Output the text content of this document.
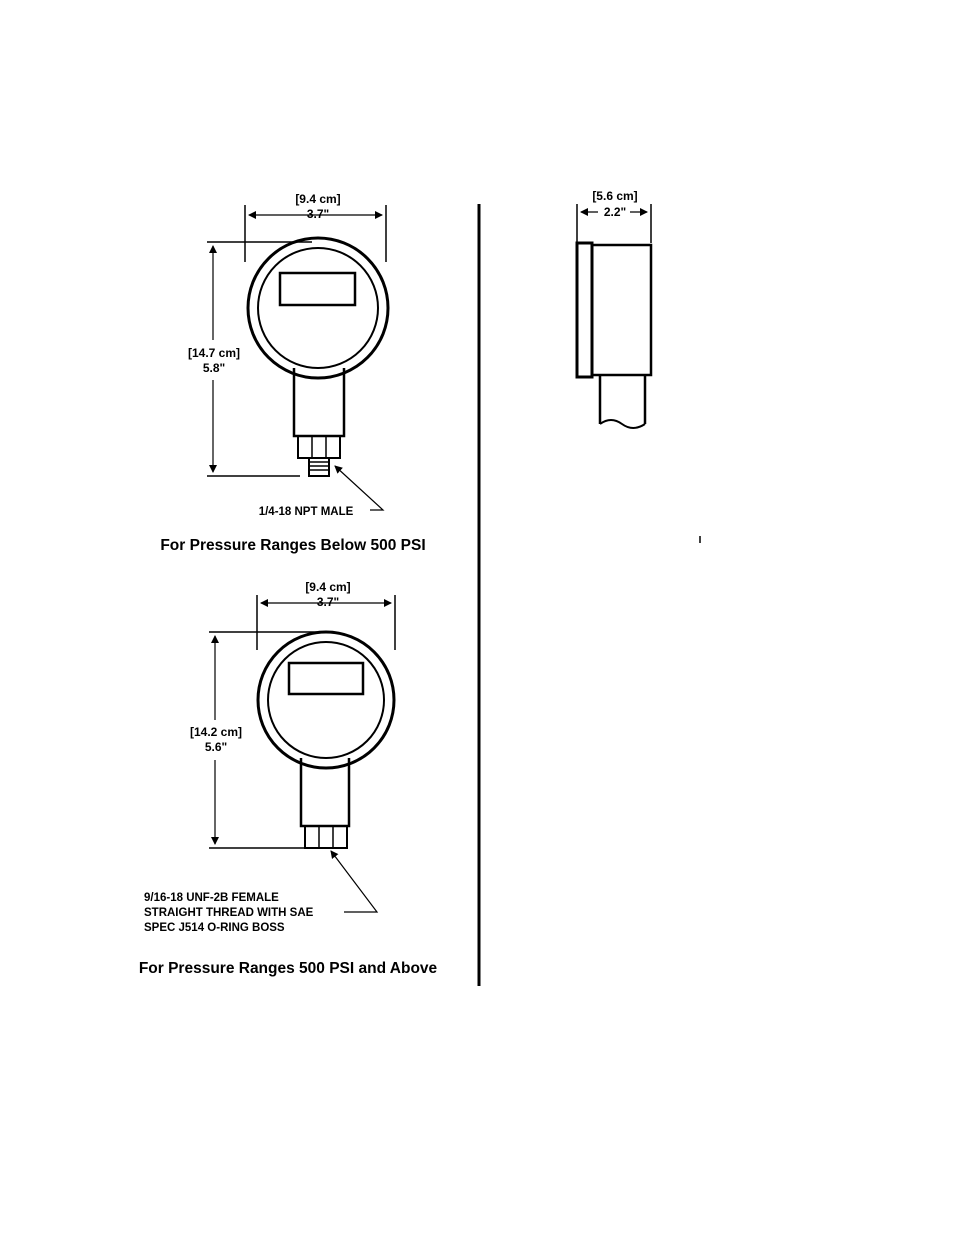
[9.4 cm]
3.7"
[14.7 cm]
5.8"
1/4-18 NPT MALE
For Pressure Ranges Below 500 PSI
[9.4 cm]
3.7"
[14.2 cm]
5.6"
9/16-18 UNF-2B FEMALE
STRAIGHT THREAD WITH SAE
SPEC J514 O-RING BOSS
For Pressure Ranges 500 PSI and Above
[5.6 cm]
2.2"
